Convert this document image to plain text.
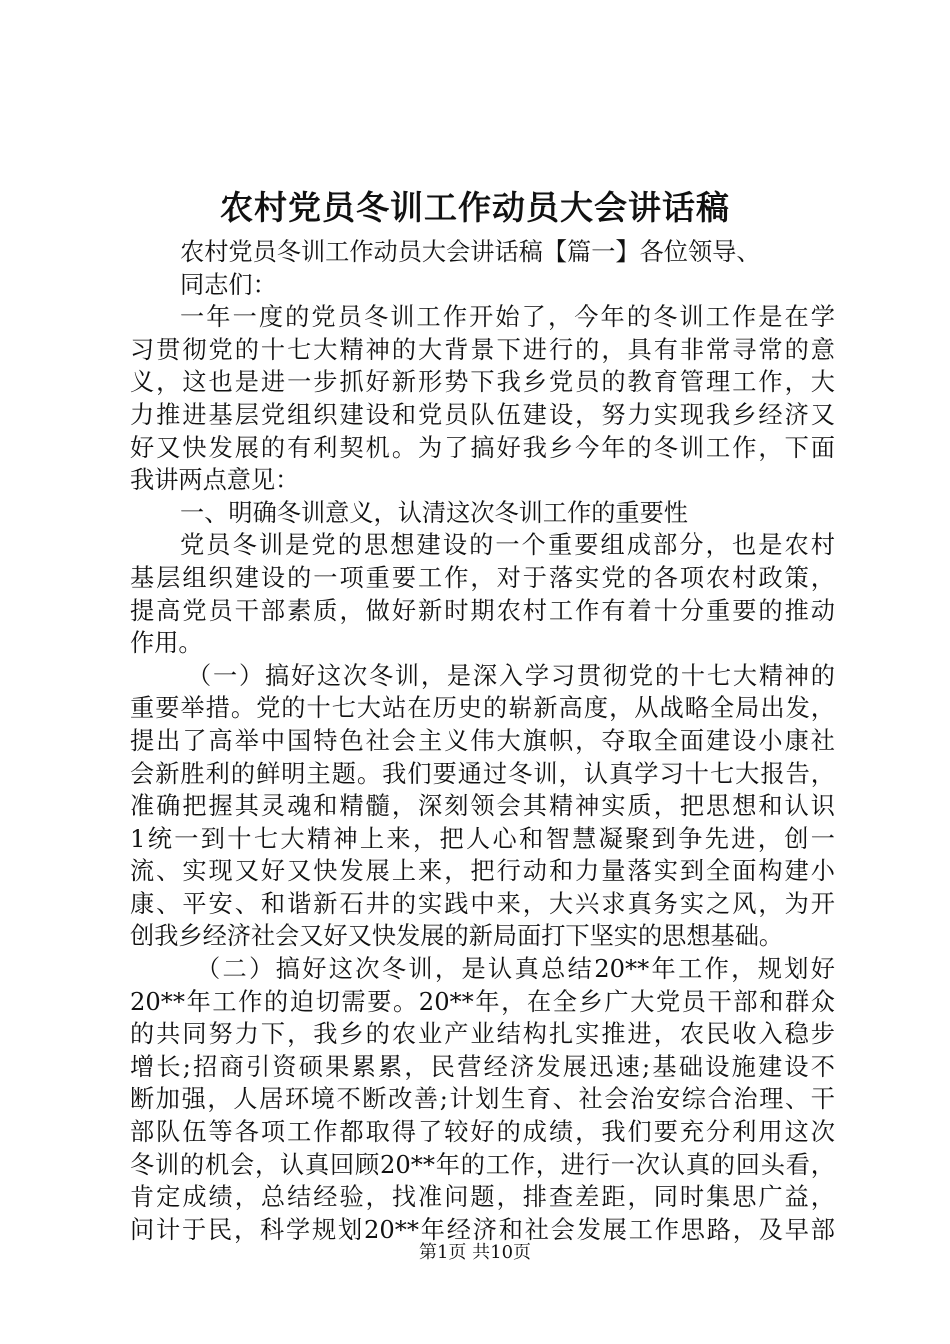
农村党员冬训工作动员大会讲话稿
农村党员冬训工作动员大会讲话稿【篇一】各位领导、
同志们：
一年一度的党员冬训工作开始了，今年的冬训工作是在学
习贯彻党的十七大精神的大背景下进行的，具有非常寻常的意
义，这也是进一步抓好新形势下我乡党员的教育管理工作，大
力推进基层党组织建设和党员队伍建设，努力实现我乡经济又
好又快发展的有利契机。为了搞好我乡今年的冬训工作，下面
我讲两点意见：
一、明确冬训意义，认清这次冬训工作的重要性
党员冬训是党的思想建设的一个重要组成部分，也是农村
基层组织建设的一项重要工作，对于落实党的各项农村政策，
提高党员干部素质，做好新时期农村工作有着十分重要的推动
作用。
（一）搞好这次冬训，是深入学习贯彻党的十七大精神的
重要举措。党的十七大站在历史的崭新高度，从战略全局出发，
提出了高举中国特色社会主义伟大旗帜，夺取全面建设小康社
会新胜利的鲜明主题。我们要通过冬训，认真学习十七大报告，
准确把握其灵魂和精髓，深刻领会其精神实质，把思想和认识
1统一到十七大精神上来，把人心和智慧凝聚到争先进，创一
流、实现又好又快发展上来，把行动和力量落实到全面构建小
康、平安、和谐新石井的实践中来，大兴求真务实之风，为开
创我乡经济社会又好又快发展的新局面打下坚实的思想基础。
（二）搞好这次冬训，是认真总结20**年工作，规划好
20**年工作的迫切需要。20**年，在全乡广大党员干部和群众
的共同努力下，我乡的农业产业结构扎实推进，农民收入稳步
增长;招商引资硕果累累，民营经济发展迅速;基础设施建设不
断加强，人居环境不断改善;计划生育、社会治安综合治理、干
部队伍等各项工作都取得了较好的成绩，我们要充分利用这次
冬训的机会，认真回顾20**年的工作，进行一次认真的回头看，
肯定成绩，总结经验，找准问题，排查差距，同时集思广益，
问计于民，科学规划20**年经济和社会发展工作思路，及早部
第1页 共10页
